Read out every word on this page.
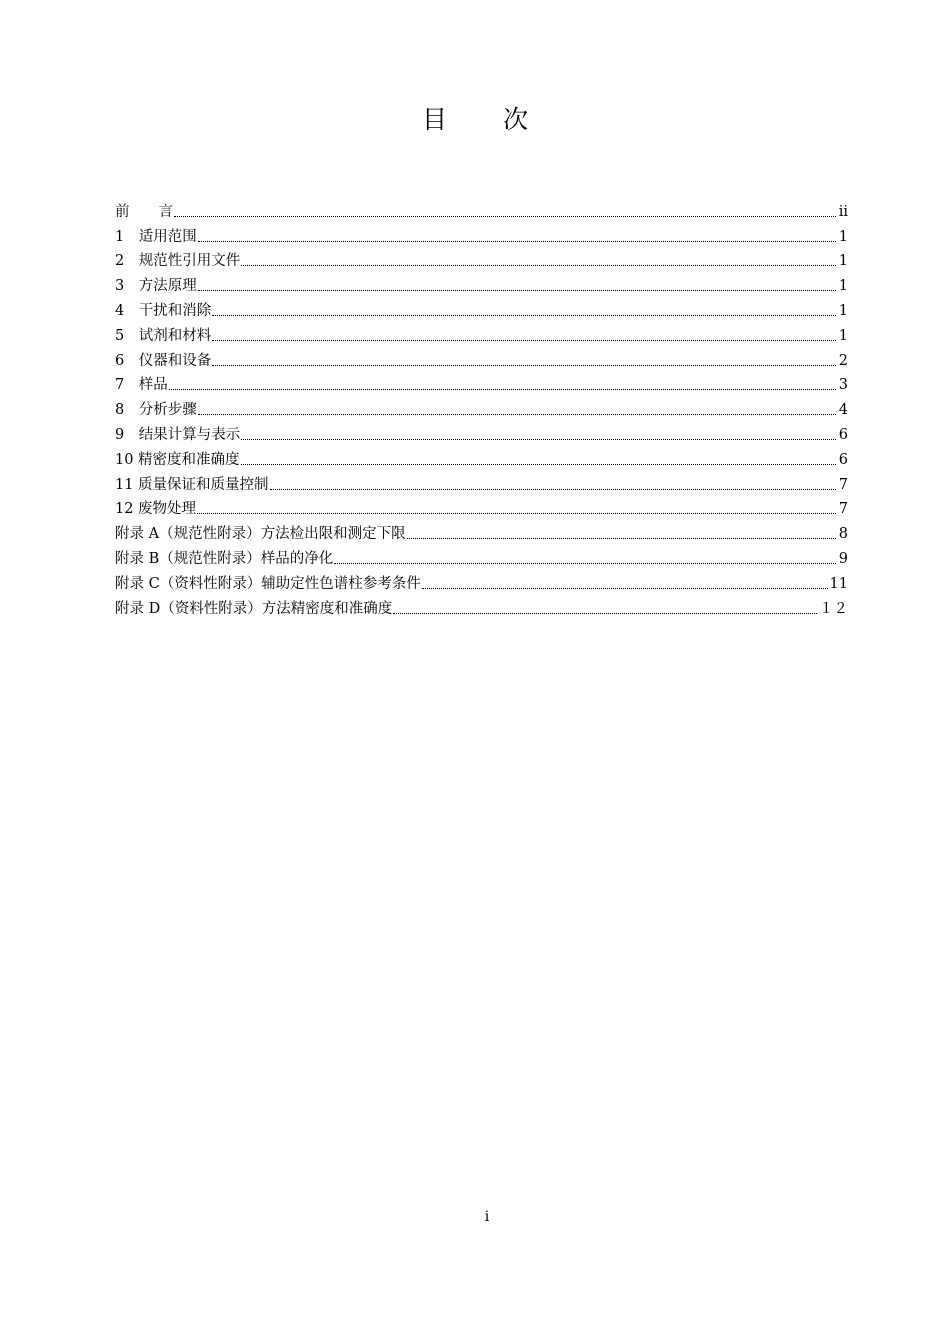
目 次
前　　言	ii
1　适用范围	1
2　规范性引用文件	1
3　方法原理	1
4　干扰和消除	1
5　试剂和材料	1
6　仪器和设备	2
7　样品	3
8　分析步骤	4
9　结果计算与表示	6
10 精密度和准确度	6
11 质量保证和质量控制	7
12 废物处理	7
附录 A（规范性附录）方法检出限和测定下限	8
附录 B（规范性附录）样品的净化	9
附录 C（资料性附录）辅助定性色谱柱参考条件	11
附录 D（资料性附录）方法精密度和准确度	１２

i
